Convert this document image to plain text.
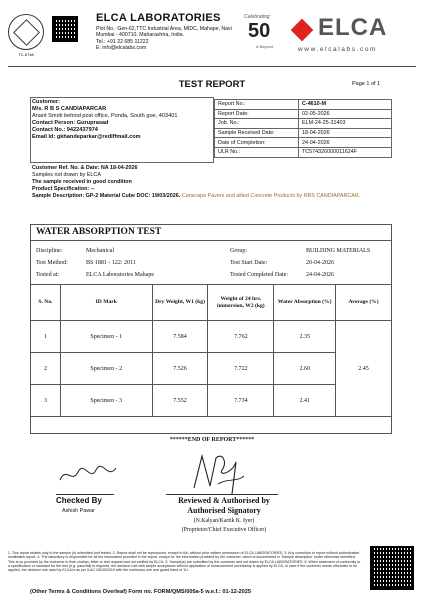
TC-6748
ELCA LABORATORIES
Plot No.: Gen-62,TTC Industrial Area, MIDC, Mahape, Navi Mumbai - 400710. Maharashtra, India.
Tel.: +91 22 685 11222
E: info@elcalabs.com
Celebrating
50
& Beyond
ELCA
www.elcalabs.com
TEST REPORT	Page 1 of 1
Customer:
M/s. R B S CANDIAPARCAR
Anant Smriti behind post office, Ponda, South goe, 403401
Contact Person: Guruprasad
Contact No.: 9422437974
Email Id: gkhandeparkar@rediffmail.com
Report No.:	C-4610-M
Report Date:	02-05-2026
Job. No.:	ELM-24-25-31403
Sample Received Date:	18-04-2026
Date of Completion:	24-04-2026
ULR No.:	TC574326000011624F
Customer Ref. No. & Date: NA 18-04-2026
Samples not drawn by ELCA
The sample received in good condition
Product Specification: --
Sample Description: GP-2 Material Cube DOC: 19/03/2026. Canscape Pavers and allied Concrete Products by RBS CANDIAPARCAR.
WATER ABSORPTION TEST
Discipline:	Mechanical	Group:	BUILDING MATERIALS
Test Method:	BS 1881 - 122: 2011	Test Start Date:	20-04-2026
Tested at:	ELCA Laboratories Mahape	Tested Completed Date:	24-04-2026
S. No.	ID Mark	Dry Weight, W1 (kg)	Weight of 24 hrs. immersion, W2 (kg)	Water Absorption (%)	Average (%)
1	Specimen - 1	7.584	7.762	2.35	2.45
2	Specimen - 2	7.526	7.722	2.60	
3	Specimen - 3	7.552	7.734	2.41	
******END OF REPORT******
Checked By
Ashish Pawar
Reviewed & Authorised by
Authorised Signatory
(N.Kalyan/Kartik K. Iyer)
(Proprietor/Chief Executive Officer)
1. This report relates only to the sample (s) submitted and tested. 2. Report shall not be reproduced, except in full, without prior written permission of ELCA LABORATORIES. 3. Any correction to report without authorization invalidates report. 4. The laboratory is responsible for all the information provided in the report, except for the information provided by the customer, which is documented in 'Sample description' under otherwise identified. This is so provided by the customer in their challan, letter or test request and not verified by ELCA. 5. Sample(s) are submitted by the customer and not drawn by ELCA LABORATORIES. 6. When statement of conformity to a specification or standard for the test (e.g. pass/fail) is required, the decision rule with simple acceptance without application of measurement uncertainty is applied by ELCA, in case if the customer needs otherwise to be applied, the decision rule used by ELCA is as per ILAC G8:09/2019 with the nonbinary rule and guard band of 1U.
(Other Terms & Conditions Overleaf) Form no. FORM/QMS/005a-5 w.e.f.: 01-12-2025
